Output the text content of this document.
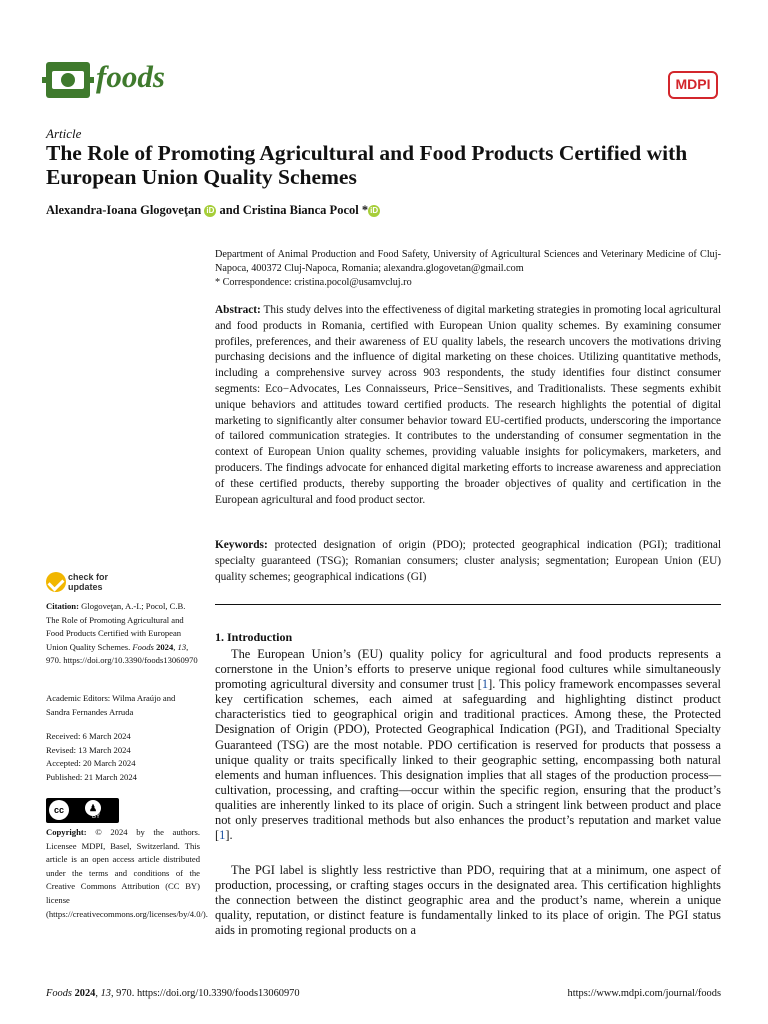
foods	MDPI
Article
The Role of Promoting Agricultural and Food Products Certified with European Union Quality Schemes
Alexandra-Ioana Glogoveţan iD and Cristina Bianca Pocol * iD
Department of Animal Production and Food Safety, University of Agricultural Sciences and Veterinary Medicine of Cluj-Napoca, 400372 Cluj-Napoca, Romania; alexandra.glogovetan@gmail.com
* Correspondence: cristina.pocol@usamvcluj.ro
Abstract: This study delves into the effectiveness of digital marketing strategies in promoting local agricultural and food products in Romania, certified with European Union quality schemes. By examining consumer profiles, preferences, and their awareness of EU quality labels, the research uncovers the motivations driving purchasing decisions and the influence of digital marketing on these choices. Utilizing quantitative methods, including a comprehensive survey across 903 respondents, the study identifies four distinct consumer segments: Eco−Advocates, Les Connaisseurs, Price−Sensitives, and Traditionalists. These segments exhibit unique behaviors and attitudes toward certified products. The research highlights the potential of digital marketing to significantly alter consumer behavior toward EU-certified products, underscoring the importance of tailored communication strategies. It contributes to the understanding of consumer segmentation in the context of European Union quality schemes, providing valuable insights for policymakers, marketers, and producers. The findings advocate for enhanced digital marketing efforts to increase awareness and appreciation of these certified products, thereby supporting the broader objectives of quality and certification in the European agricultural and food product sector.
Keywords: protected designation of origin (PDO); protected geographical indication (PGI); traditional specialty guaranteed (TSG); Romanian consumers; cluster analysis; segmentation; European Union (EU) quality schemes; geographical indications (GI)
1. Introduction
The European Union’s (EU) quality policy for agricultural and food products represents a cornerstone in the Union’s efforts to preserve unique regional food cultures while simultaneously promoting agricultural diversity and consumer trust [1]. This policy framework encompasses several key certification schemes, each aimed at safeguarding and highlighting distinct product characteristics tied to geographical origin and traditional practices. Among these, the Protected Designation of Origin (PDO), Protected Geographical Indication (PGI), and Traditional Specialty Guaranteed (TSG) are the most notable. PDO certification is reserved for products that possess a unique quality or traits specifically linked to their geographic setting, encompassing both natural elements and human influences. This designation implies that all stages of the production process—cultivation, processing, and crafting—occur within the specific region, ensuring that the product’s qualities are inherently linked to its place of origin. Such a stringent link between product and place not only preserves traditional methods but also enhances the product’s reputation and market value [1].
The PGI label is slightly less restrictive than PDO, requiring that at a minimum, one aspect of production, processing, or crafting stages occurs in the designated area. This certification highlights the connection between the distinct geographic area and the product’s name, wherein a unique quality, reputation, or distinct feature is fundamentally linked to its place of origin. The PGI status aids in promoting regional products on a
check for updates
Citation: Glogoveţan, A.-I.; Pocol, C.B. The Role of Promoting Agricultural and Food Products Certified with European Union Quality Schemes. Foods 2024, 13, 970. https://doi.org/10.3390/foods13060970
Academic Editors: Wilma Araújo and Sandra Fernandes Arruda
Received: 6 March 2024
Revised: 13 March 2024
Accepted: 20 March 2024
Published: 21 March 2024
cc	♟
BY
Copyright: © 2024 by the authors. Licensee MDPI, Basel, Switzerland. This article is an open access article distributed under the terms and conditions of the Creative Commons Attribution (CC BY) license (https://creativecommons.org/licenses/by/4.0/).
Foods 2024, 13, 970. https://doi.org/10.3390/foods13060970	https://www.mdpi.com/journal/foods
